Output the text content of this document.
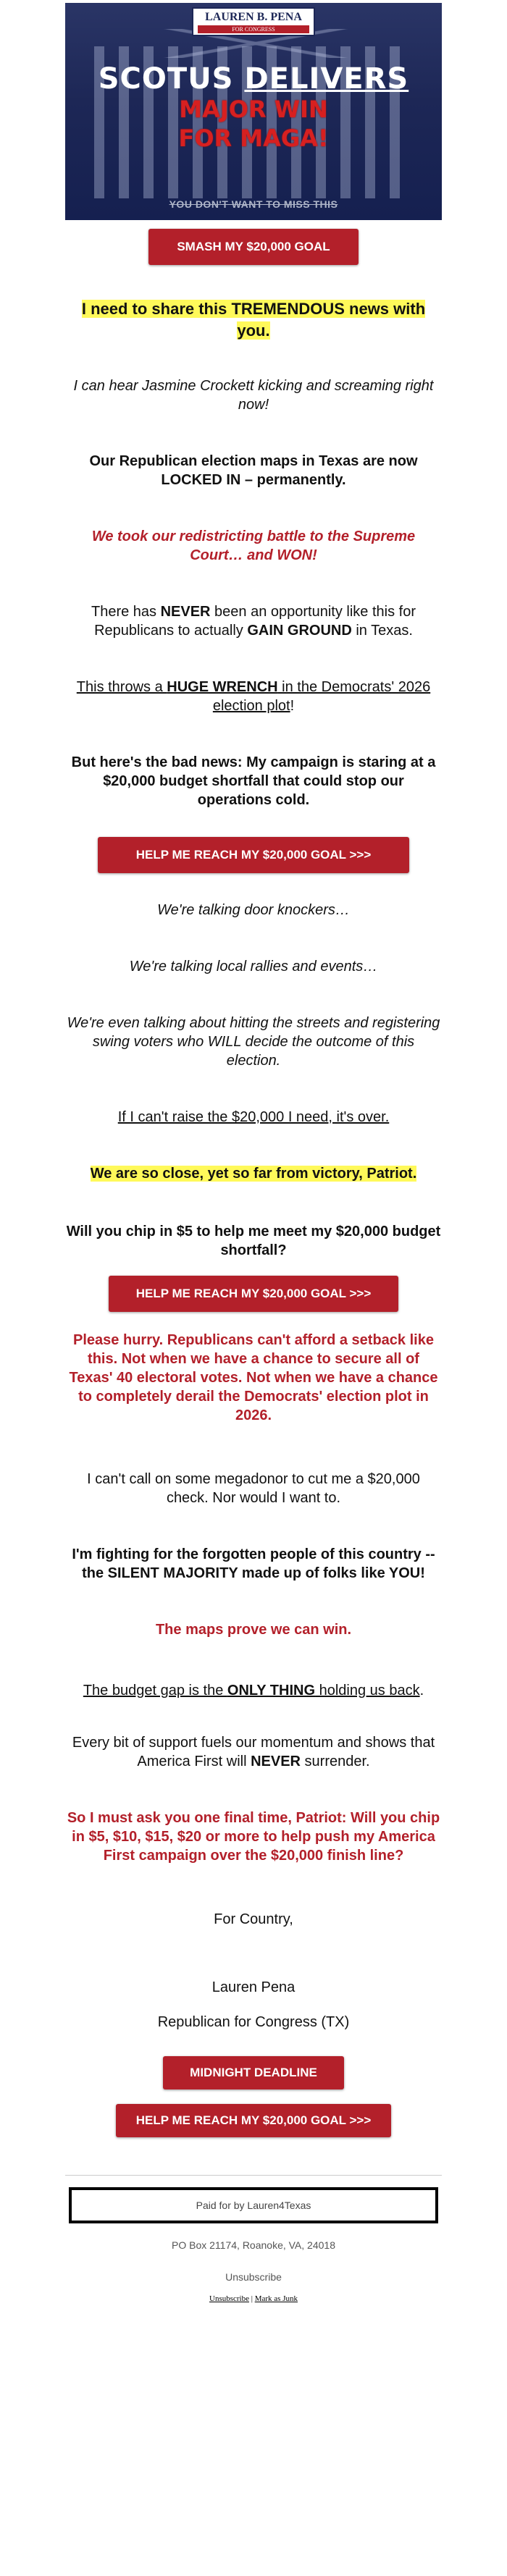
LAUREN B. PENA
FOR CONGRESS
SCOTUS DELIVERS
MAJOR WIN
FOR MAGA!
YOU DON'T WANT TO MISS THIS
SMASH MY $20,000 GOAL

I need to share this TREMENDOUS news with you.

I can hear Jasmine Crockett kicking and screaming right now!

Our Republican election maps in Texas are now LOCKED IN – permanently.

We took our redistricting battle to the Supreme Court… and WON!

There has NEVER been an opportunity like this for Republicans to actually GAIN GROUND in Texas.

This throws a HUGE WRENCH in the Democrats' 2026 election plot!

But here's the bad news: My campaign is staring at a $20,000 budget shortfall that could stop our operations cold.

HELP ME REACH MY $20,000 GOAL >>>

We're talking door knockers…

We're talking local rallies and events…

We're even talking about hitting the streets and registering swing voters who WILL decide the outcome of this election.

If I can't raise the $20,000 I need, it's over.

We are so close, yet so far from victory, Patriot.

Will you chip in $5 to help me meet my $20,000 budget shortfall?

HELP ME REACH MY $20,000 GOAL >>>

Please hurry. Republicans can't afford a setback like this. Not when we have a chance to secure all of Texas' 40 electoral votes. Not when we have a chance to completely derail the Democrats' election plot in 2026.

I can't call on some megadonor to cut me a $20,000 check. Nor would I want to.

I'm fighting for the forgotten people of this country -- the SILENT MAJORITY made up of folks like YOU!

The maps prove we can win.

The budget gap is the ONLY THING holding us back.

Every bit of support fuels our momentum and shows that America First will NEVER surrender.

So I must ask you one final time, Patriot: Will you chip in $5, $10, $15, $20 or more to help push my America First campaign over the $20,000 finish line?

For Country,

Lauren Pena

Republican for Congress (TX)

MIDNIGHT DEADLINE
HELP ME REACH MY $20,000 GOAL >>>
Paid for by Lauren4Texas
PO Box 21174, Roanoke, VA, 24018
Unsubscribe
Unsubscribe | Mark as Junk
